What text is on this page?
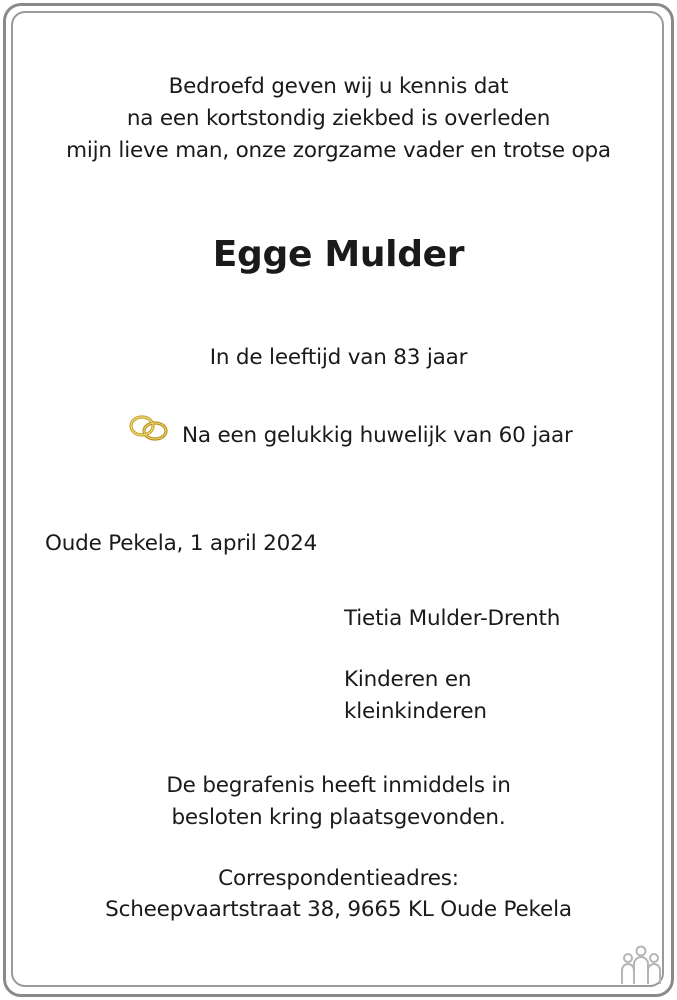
Bedroefd geven wij u kennis dat
na een kortstondig ziekbed is overleden
mijn lieve man, onze zorgzame vader en trotse opa
Egge Mulder
In de leeftijd van 83 jaar
Na een gelukkig huwelijk van 60 jaar
Oude Pekela, 1 april 2024
Tietia Mulder-Drenth
Kinderen en
kleinkinderen
De begrafenis heeft inmiddels in
besloten kring plaatsgevonden.
Correspondentieadres:
Scheepvaartstraat 38, 9665 KL Oude Pekela
